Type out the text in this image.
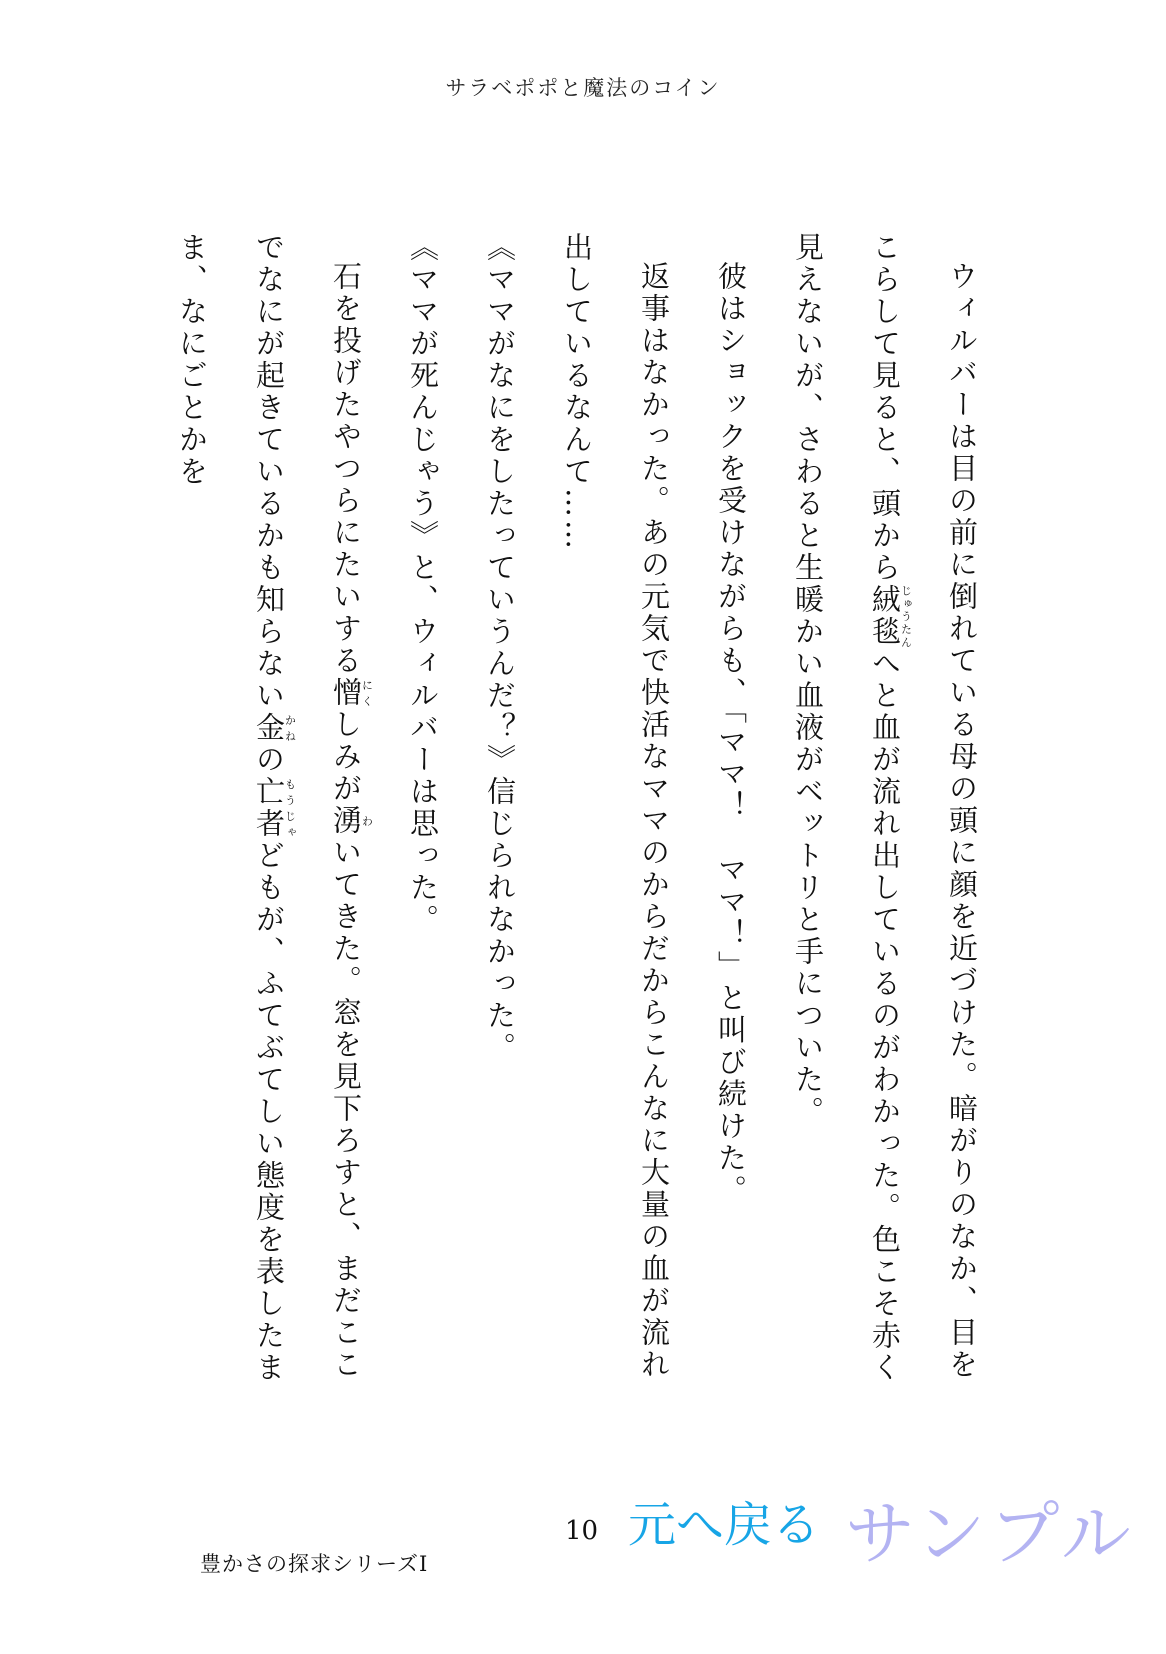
サラベポポと魔法のコイン

ウィルバーは目の前に倒れている母の頭に顔を近づけた。暗がりのなか、目をこらして見ると、頭から絨毯じゅうたんへと血が流れ出しているのがわかった。色こそ赤く見えないが、さわると生暖かい血液がベットリと手についた。

彼はショックを受けながらも、「ママ！　ママ！」と叫び続けた。

返事はなかった。あの元気で快活なママのからだからこんなに大量の血が流れ出しているなんて……

《ママがなにをしたっていうんだ？》信じられなかった。

《ママが死んじゃう》と、ウィルバーは思った。

石を投げたやつらにたいする憎にくしみが湧わいてきた。窓を見下ろすと、まだここでなにが起きているかも知らない金かねの亡者もうじゃどもが、ふてぶてしい態度を表したまま、なにごとかを

10
豊かさの探求シリーズⅠ
元へ戻る サンプル
